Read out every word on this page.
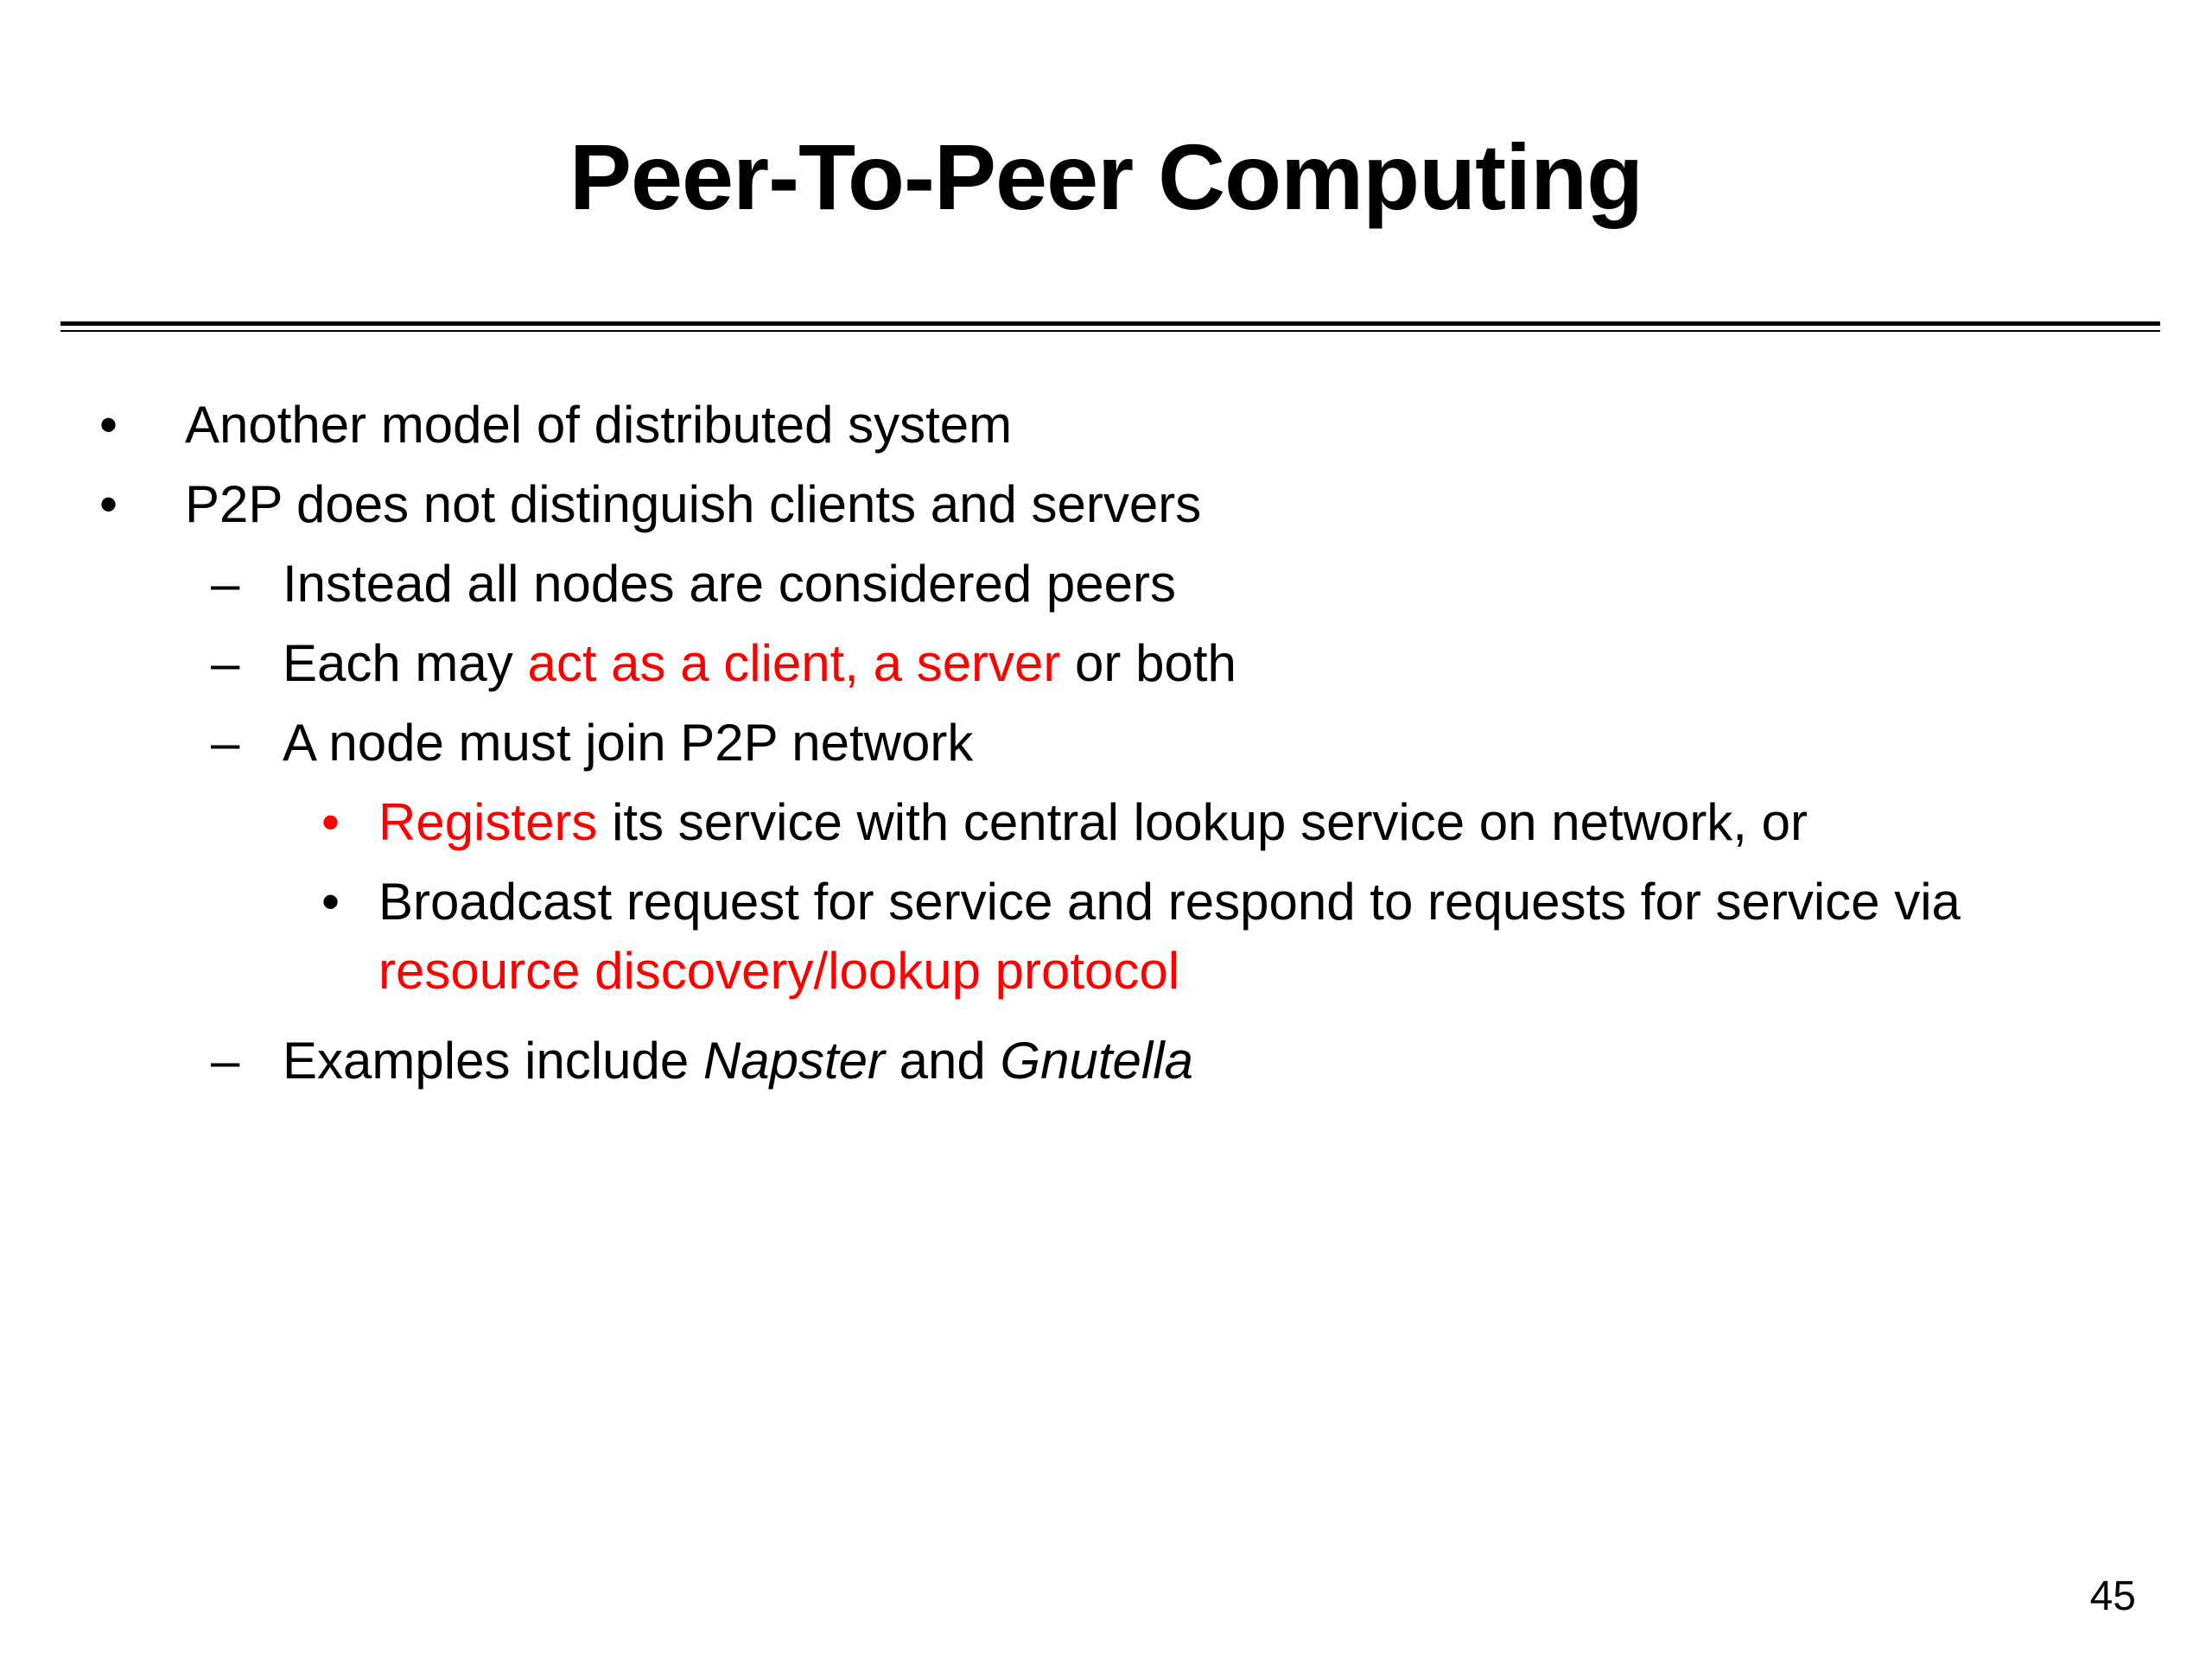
Peer-To-Peer Computing
• Another model of distributed system
• P2P does not distinguish clients and servers
– Instead all nodes are considered peers
– Each may act as a client, a server or both
– A node must join P2P network
• Registers its service with central lookup service on network, or
• Broadcast request for service and respond to requests for service via
resource discovery/lookup protocol
– Examples include Napster and Gnutella
45
